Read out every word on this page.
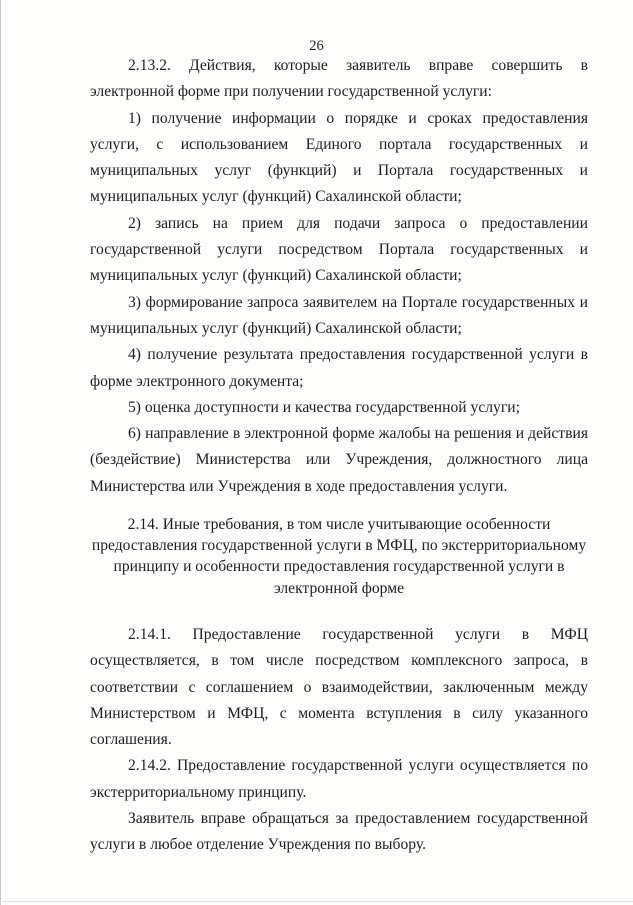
26

2.13.2. Действия, которые заявитель вправе совершить в электронной форме при получении государственной услуги:

1) получение информации о порядке и сроках предоставления услуги, с использованием Единого портала государственных и муниципальных услуг (функций) и Портала государственных и муниципальных услуг (функций) Сахалинской области;

2) запись на прием для подачи запроса о предоставлении государственной услуги посредством Портала государственных и муниципальных услуг (функций) Сахалинской области;

3) формирование запроса заявителем на Портале государственных и муниципальных услуг (функций) Сахалинской области;

4) получение результата предоставления государственной услуги в форме электронного документа;

5) оценка доступности и качества государственной услуги;

6) направление в электронной форме жалобы на решения и действия (бездействие) Министерства или Учреждения, должностного лица Министерства или Учреждения в ходе предоставления услуги.

2.14. Иные требования, в том числе учитывающие особенности предоставления государственной услуги в МФЦ, по экстерриториальному принципу и особенности предоставления государственной услуги в электронной форме

2.14.1. Предоставление государственной услуги в МФЦ осуществляется, в том числе посредством комплексного запроса, в соответствии с соглашением о взаимодействии, заключенным между Министерством и МФЦ, с момента вступления в силу указанного соглашения.

2.14.2. Предоставление государственной услуги осуществляется по экстерриториальному принципу.

Заявитель вправе обращаться за предоставлением государственной услуги в любое отделение Учреждения по выбору.
